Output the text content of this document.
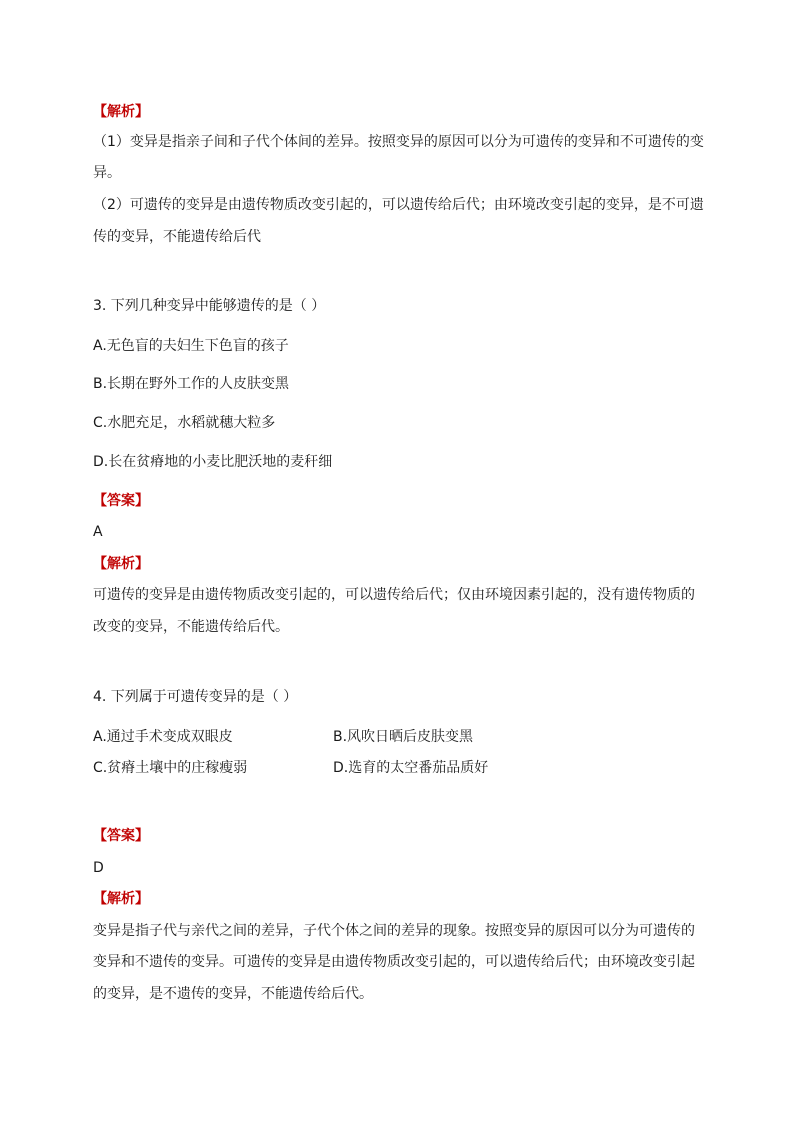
【解析】
（1）变异是指亲子间和子代个体间的差异。按照变异的原因可以分为可遗传的变异和不可遗传的变
异。
（2）可遗传的变异是由遗传物质改变引起的，可以遗传给后代；由环境改变引起的变异，是不可遗
传的变异，不能遗传给后代
3. 下列几种变异中能够遗传的是（ ）
A.无色盲的夫妇生下色盲的孩子
B.长期在野外工作的人皮肤变黑
C.水肥充足，水稻就穗大粒多
D.长在贫瘠地的小麦比肥沃地的麦秆细
【答案】
A
【解析】
可遗传的变异是由遗传物质改变引起的，可以遗传给后代；仅由环境因素引起的，没有遗传物质的
改变的变异，不能遗传给后代。
4. 下列属于可遗传变异的是（ ）
A.通过手术变成双眼皮	B.风吹日晒后皮肤变黑
C.贫瘠土壤中的庄稼瘦弱	D.选育的太空番茄品质好
【答案】
D
【解析】
变异是指子代与亲代之间的差异，子代个体之间的差异的现象。按照变异的原因可以分为可遗传的
变异和不遗传的变异。可遗传的变异是由遗传物质改变引起的，可以遗传给后代；由环境改变引起
的变异，是不遗传的变异，不能遗传给后代。
